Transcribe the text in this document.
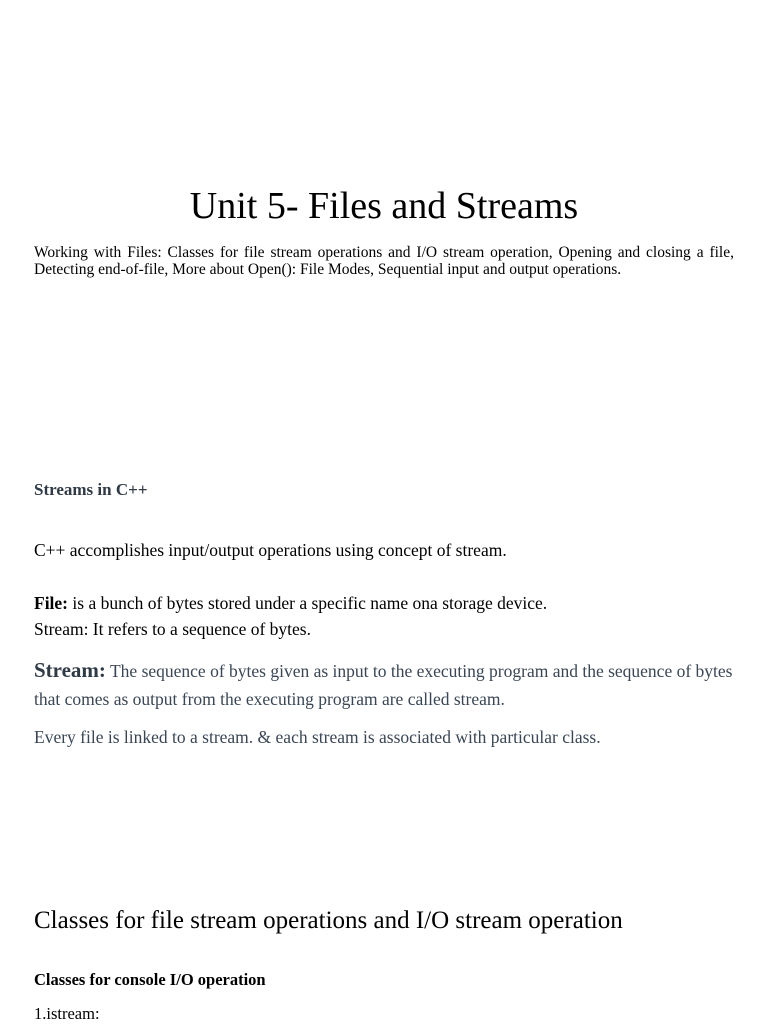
Unit 5- Files and Streams

Working with Files: Classes for file stream operations and I/O stream operation, Opening and closing a file, Detecting end-of-file, More about Open(): File Modes, Sequential input and output operations.

Streams in C++

C++ accomplishes input/output operations using concept of stream.

File: is a bunch of bytes stored under a specific name ona storage device.

Stream: It refers to a sequence of bytes.

Stream: The sequence of bytes given as input to the executing program and the sequence of bytes that comes as output from the executing program are called stream.

Every file is linked to a stream. & each stream is associated with particular class.

Classes for file stream operations and I/O stream operation
Classes for console I/O operation

1.istream:
